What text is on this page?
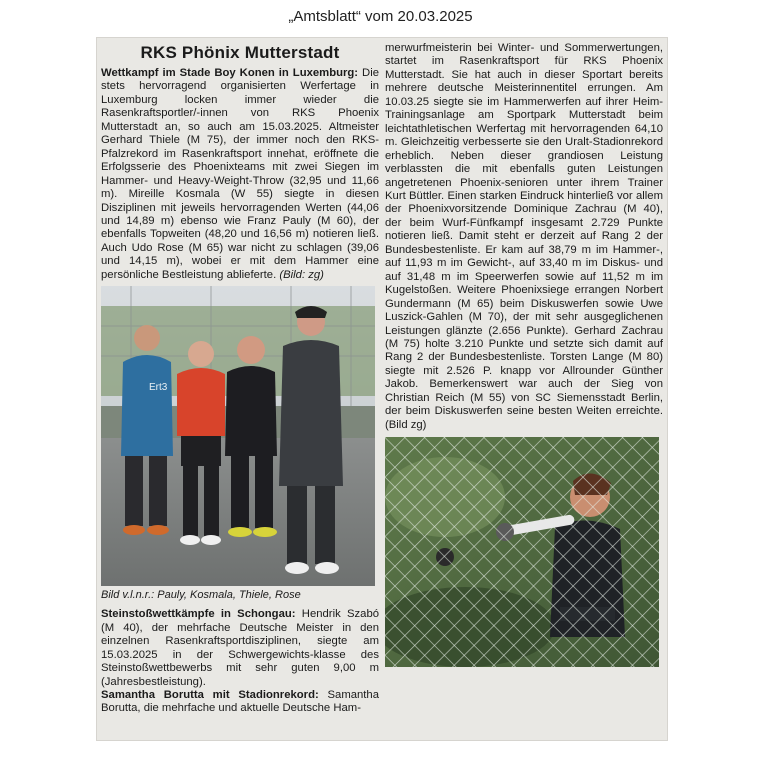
„Amtsblatt“ vom 20.03.2025
RKS Phönix Mutterstadt

Wettkampf im Stade Boy Konen in Luxemburg: Die stets hervorragend organisierten Werfertage in Luxemburg locken immer wieder die Rasenkraftsportler/-innen von RKS Phoenix Mutterstadt an, so auch am 15.03.2025. Altmeister Gerhard Thiele (M 75), der immer noch den RKS-Pfalzrekord im Rasenkraftsport innehat, eröffnete die Erfolgsserie des Phoenixteams mit zwei Siegen im Hammer- und Heavy-Weight-Throw (32,95 und 11,66 m). Mireille Kosmala (W 55) siegte in diesen Disziplinen mit jeweils hervorragenden Werten (44,06 und 14,89 m) ebenso wie Franz Pauly (M 60), der ebenfalls Topweiten (48,20 und 16,56 m) notieren ließ. Auch Udo Rose (M 65) war nicht zu schlagen (39,06 und 14,15 m), wobei er mit dem Hammer eine persönliche Bestleistung ablieferte. (Bild: zg)

Ert3
Bild v.l.n.r.: Pauly, Kosmala, Thiele, Rose

Steinstoßwettkämpfe in Schongau: Hendrik Szabó (M 40), der mehrfache Deutsche Meister in den einzelnen Rasenkraftsportdisziplinen, siegte am 15.03.2025 in der Schwergewichts-klasse des Steinstoßwettbewerbs mit sehr guten 9,00 m (Jahresbestleistung).

Samantha Borutta mit Stadionrekord: Samantha Borutta, die mehrfache und aktuelle Deutsche Ham-

merwurfmeisterin bei Winter- und Sommerwertungen, startet im Rasenkraftsport für RKS Phoenix Mutterstadt. Sie hat auch in dieser Sportart bereits mehrere deutsche Meisterinnentitel errungen. Am 10.03.25 siegte sie im Hammerwerfen auf ihrer Heim-Trainingsanlage am Sportpark Mutterstadt beim leichtathletischen Werfertag mit hervorragenden 64,10 m. Gleichzeitig verbesserte sie den Uralt-Stadionrekord erheblich. Neben dieser grandiosen Leistung verblassten die mit ebenfalls guten Leistungen angetretenen Phoenix-senioren unter ihrem Trainer Kurt Büttler. Einen starken Eindruck hinterließ vor allem der Phoenixvorsitzende Dominique Zachrau (M 40), der beim Wurf-Fünfkampf insgesamt 2.729 Punkte notieren ließ. Damit steht er derzeit auf Rang 2 der Bundesbestenliste. Er kam auf 38,79 m im Hammer-, auf 11,93 m im Gewicht-, auf 33,40 m im Diskus- und auf 31,48 m im Speerwerfen sowie auf 11,52 m im Kugelstoßen. Weitere Phoenixsiege errangen Norbert Gundermann (M 65) beim Diskuswerfen sowie Uwe Luszick-Gahlen (M 70), der mit sehr ausgeglichenen Leistungen glänzte (2.656 Punkte). Gerhard Zachrau (M 75) holte 3.210 Punkte und setzte sich damit auf Rang 2 der Bundesbestenliste. Torsten Lange (M 80) siegte mit 2.526 P. knapp vor Allrounder Günther Jakob. Bemerkenswert war auch der Sieg von Christian Reich (M 55) von SC Siemensstadt Berlin, der beim Diskuswerfen seine besten Weiten erreichte. (Bild zg)
